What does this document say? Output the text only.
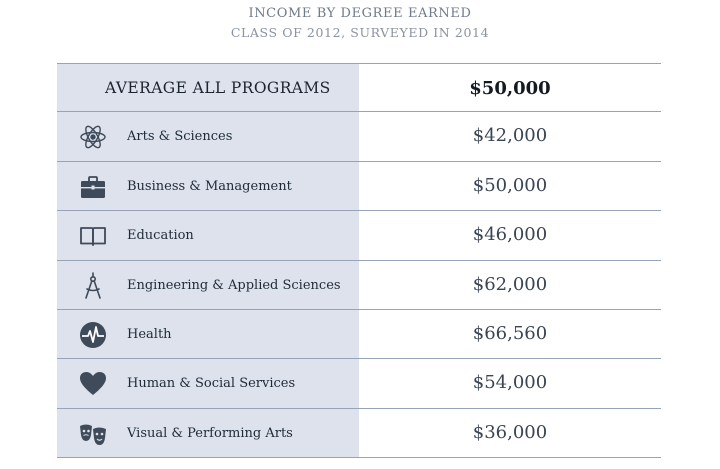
INCOME BY DEGREE EARNED
CLASS OF 2012, SURVEYED IN 2014
AVERAGE ALL PROGRAMS	$50,000
Arts & Sciences	$42,000
Business & Management	$50,000
Education	$46,000
Engineering & Applied Sciences	$62,000
Health	$66,560
Human & Social Services	$54,000
Visual & Performing Arts	$36,000
